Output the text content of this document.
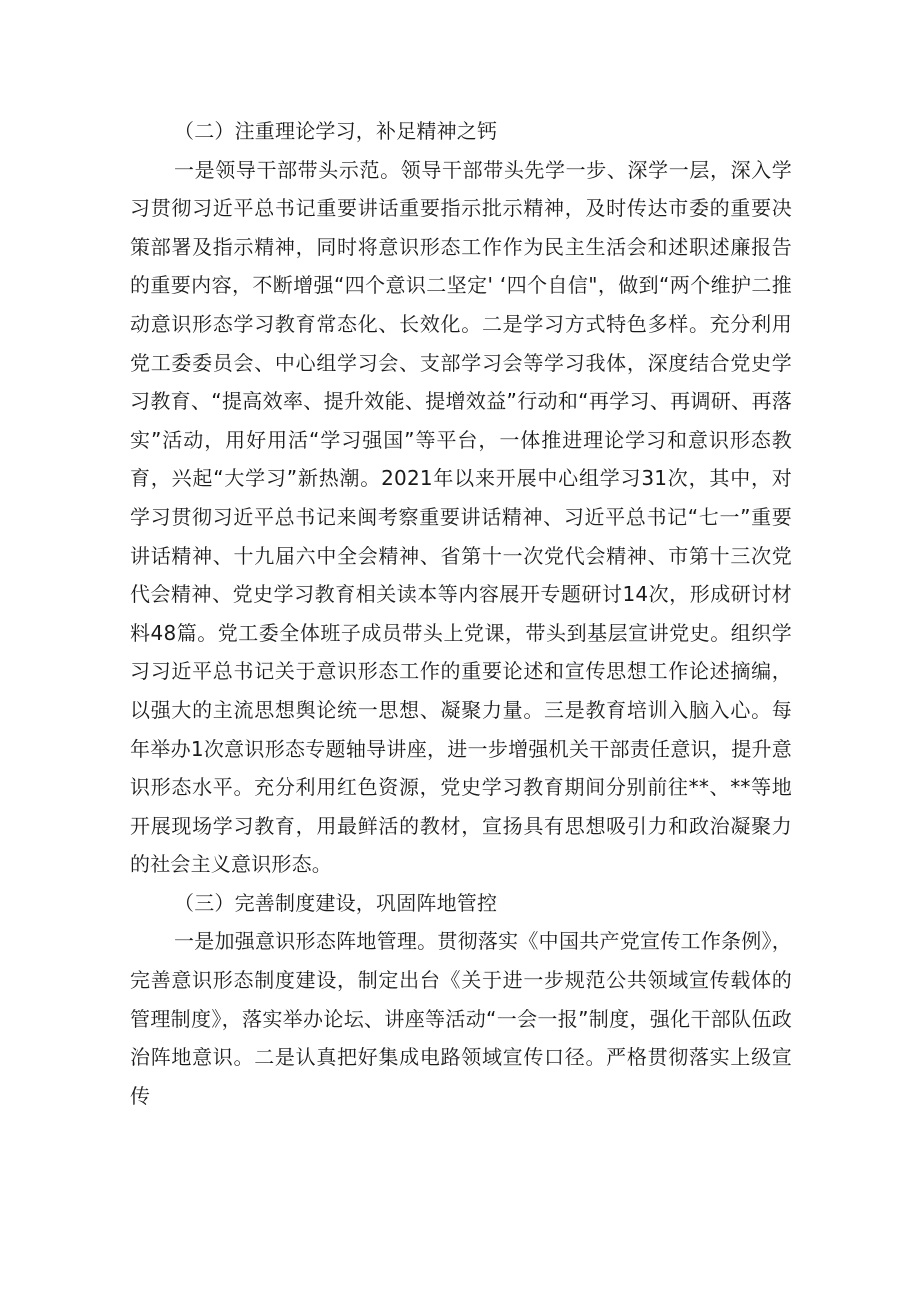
（二）注重理论学习，补足精神之钙

一是领导干部带头示范。领导干部带头先学一步、深学一层，深入学习贯彻习近平总书记重要讲话重要指示批示精神，及时传达市委的重要决策部署及指示精神，同时将意识形态工作作为民主生活会和述职述廉报告的重要内容，不断增强“四个意识二坚定' ‘四个自信"，做到“两个维护二推动意识形态学习教育常态化、长效化。二是学习方式特色多样。充分利用党工委委员会、中心组学习会、支部学习会等学习我体，深度结合党史学习教育、“提高效率、提升效能、提增效益”行动和“再学习、再调研、再落实”活动，用好用活“学习强国”等平台，一体推进理论学习和意识形态教育，兴起“大学习”新热潮。2021年以来开展中心组学习31次，其中，对学习贯彻习近平总书记来闽考察重要讲话精神、习近平总书记“七一”重要讲话精神、十九届六中全会精神、省第十一次党代会精神、市第十三次党代会精神、党史学习教育相关读本等内容展开专题研讨14次，形成研讨材料48篇。党工委全体班子成员带头上党课，带头到基层宣讲党史。组织学习习近平总书记关于意识形态工作的重要论述和宣传思想工作论述摘编，以强大的主流思想舆论统一思想、凝聚力量。三是教育培训入脑入心。每年举办1次意识形态专题轴导讲座，进一步增强机关干部责任意识，提升意识形态水平。充分利用红色资源，党史学习教育期间分别前往**、**等地开展现场学习教育，用最鲜活的教材，宣扬具有思想吸引力和政治凝聚力的社会主义意识形态。

（三）完善制度建设，巩固阵地管控

一是加强意识形态阵地管理。贯彻落实《中国共产党宣传工作条例》，完善意识形态制度建设，制定出台《关于进一步规范公共领域宣传载体的管理制度》，落实举办论坛、讲座等活动“一会一报”制度，强化干部队伍政治阵地意识。二是认真把好集成电路领域宣传口径。严格贯彻落实上级宣传
